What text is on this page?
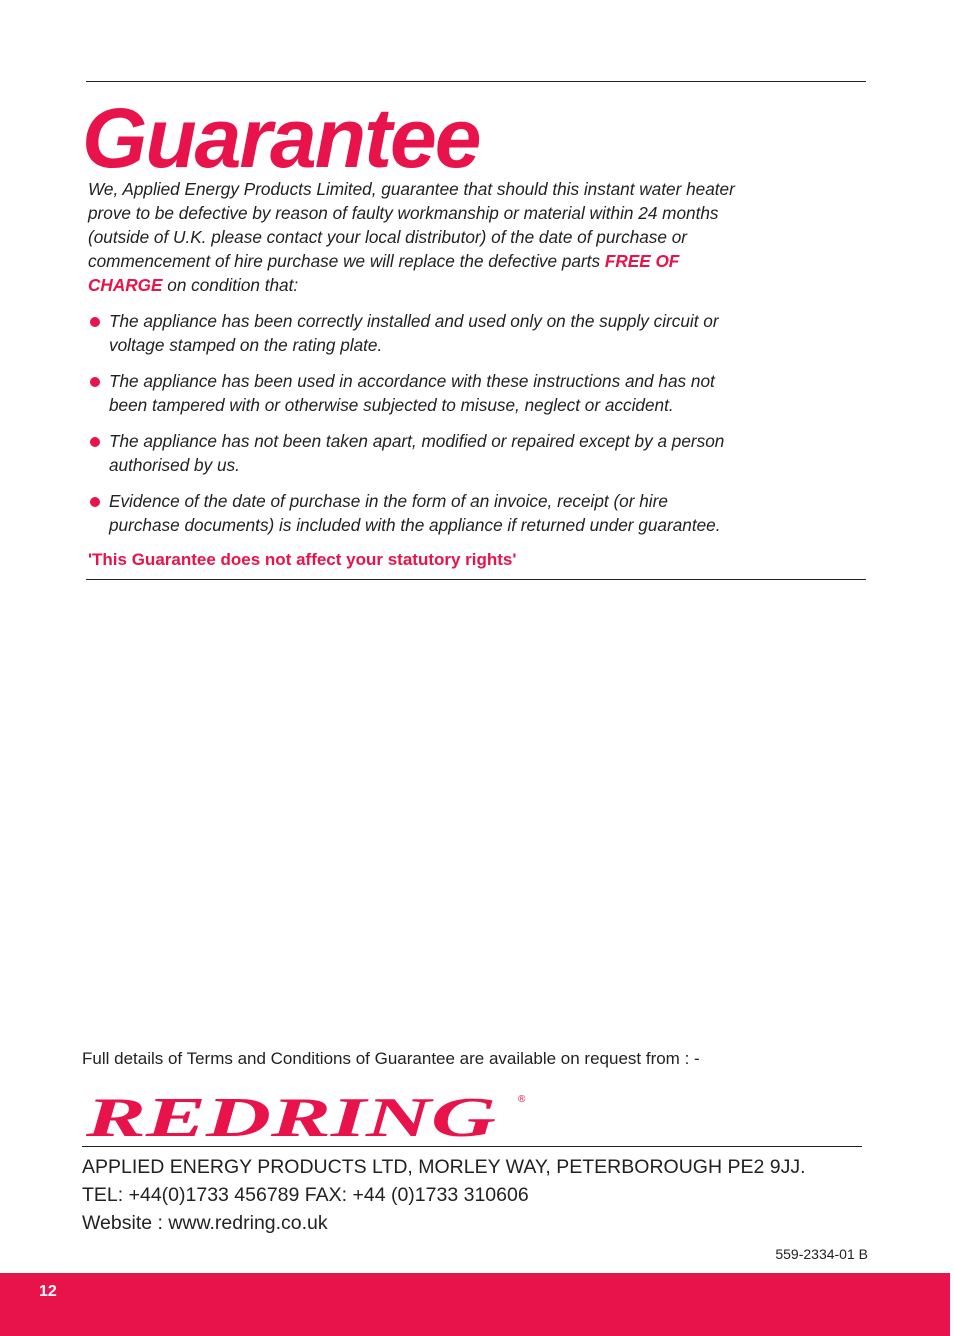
Guarantee
We, Applied Energy Products Limited, guarantee that should this instant water heater prove to be defective by reason of faulty workmanship or material within 24 months (outside of U.K. please contact your local distributor) of the date of purchase or commencement of hire purchase we will replace the defective parts FREE OF CHARGE on condition that:
The appliance has been correctly installed and used only on the supply circuit or voltage stamped on the rating plate.
The appliance has been used in accordance with these instructions and has not been tampered with or otherwise subjected to misuse, neglect or accident.
The appliance has not been taken apart, modified or repaired except by a person authorised by us.
Evidence of the date of purchase in the form of an invoice, receipt (or hire purchase documents) is included with the appliance if returned under guarantee.
'This Guarantee does not affect your statutory rights'
Full details of Terms and Conditions of Guarantee are available on request from : -
REDRING ®
APPLIED ENERGY PRODUCTS LTD, MORLEY WAY, PETERBOROUGH PE2 9JJ.
TEL: +44(0)1733 456789 FAX: +44 (0)1733 310606
Website : www.redring.co.uk
559-2334-01 B
12
